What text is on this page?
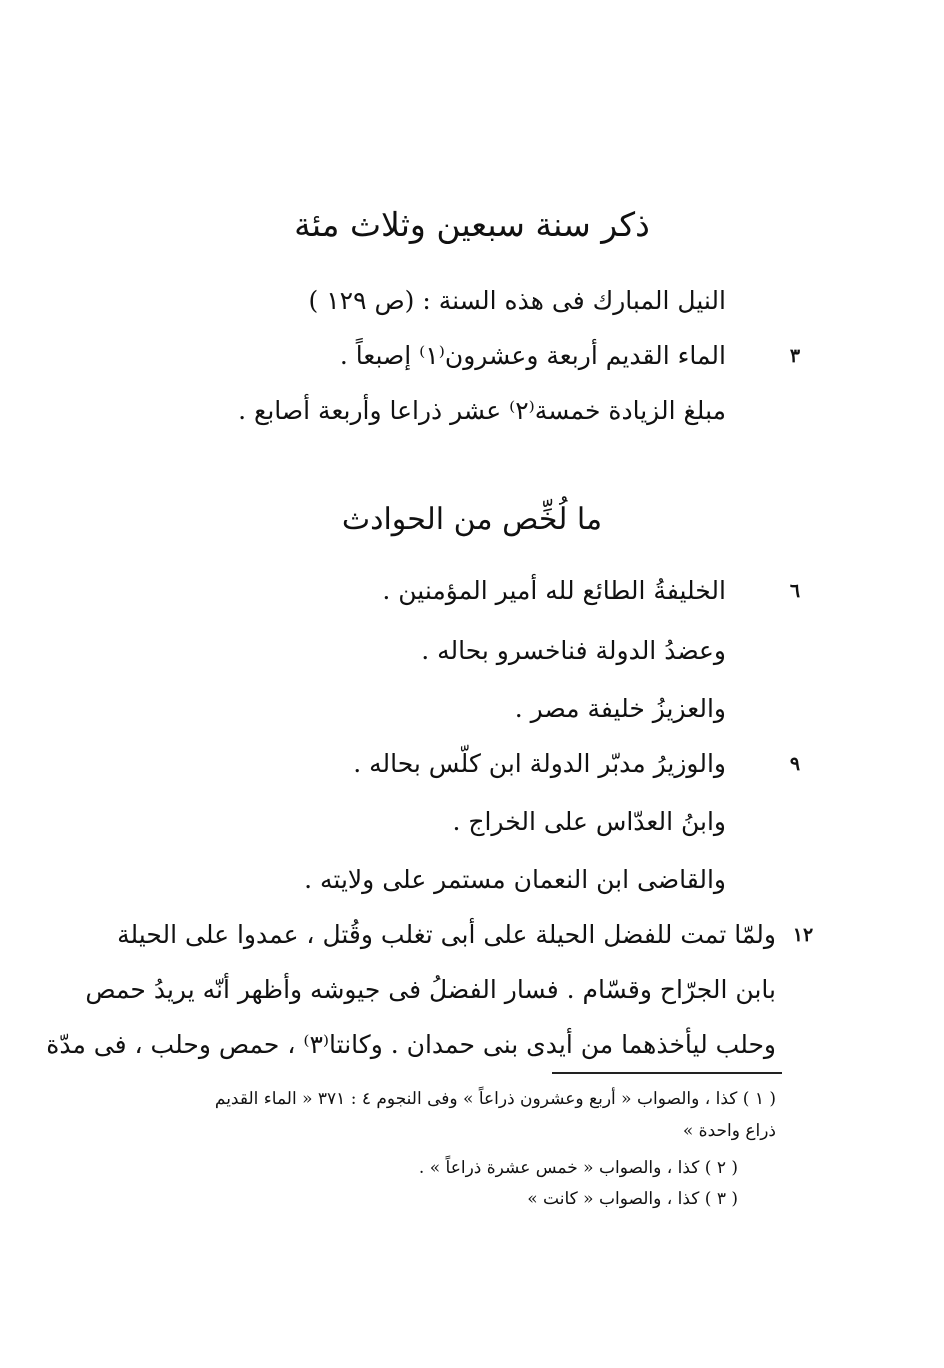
ذكر سنة سبعين وثلاث مئة
النيل المبارك فى هذه السنة : (ص ١٢٩ )
٣
الماء القديم أربعة وعشرون⁽١⁾ إصبعاً .
مبلغ الزيادة خمسة⁽٢⁾ عشر ذراعا وأربعة أصابع .
ما لُخِّص من الحوادث
٦
الخليفةُ الطائع لله أمير المؤمنين .
وعضدُ الدولة فناخسرو بحاله .
والعزيزُ خليفة مصر .
٩
والوزيرُ مدبّر الدولة ابن كلّس بحاله .
وابنُ العدّاس على الخراج .
والقاضى ابن النعمان مستمر على ولايته .
١٢
ولمّا تمت للفضل الحيلة على أبى تغلب وقُتل ، عمدوا على الحيلة
بابن الجرّاح وقسّام . فسار الفضلُ فى جيوشه وأظهر أنّه يريدُ حمص
وحلب ليأخذهما من أيدى بنى حمدان . وكانتا⁽٣⁾ ، حمص وحلب ، فى مدّة
( ١ ) كذا ، والصواب « أربع وعشرون ذراعاً » وفى النجوم ٤ : ٣٧١ « الماء القديم
ذراع واحدة »
( ٢ ) كذا ، والصواب « خمس عشرة ذراعاً » .
( ٣ ) كذا ، والصواب « كانت »
